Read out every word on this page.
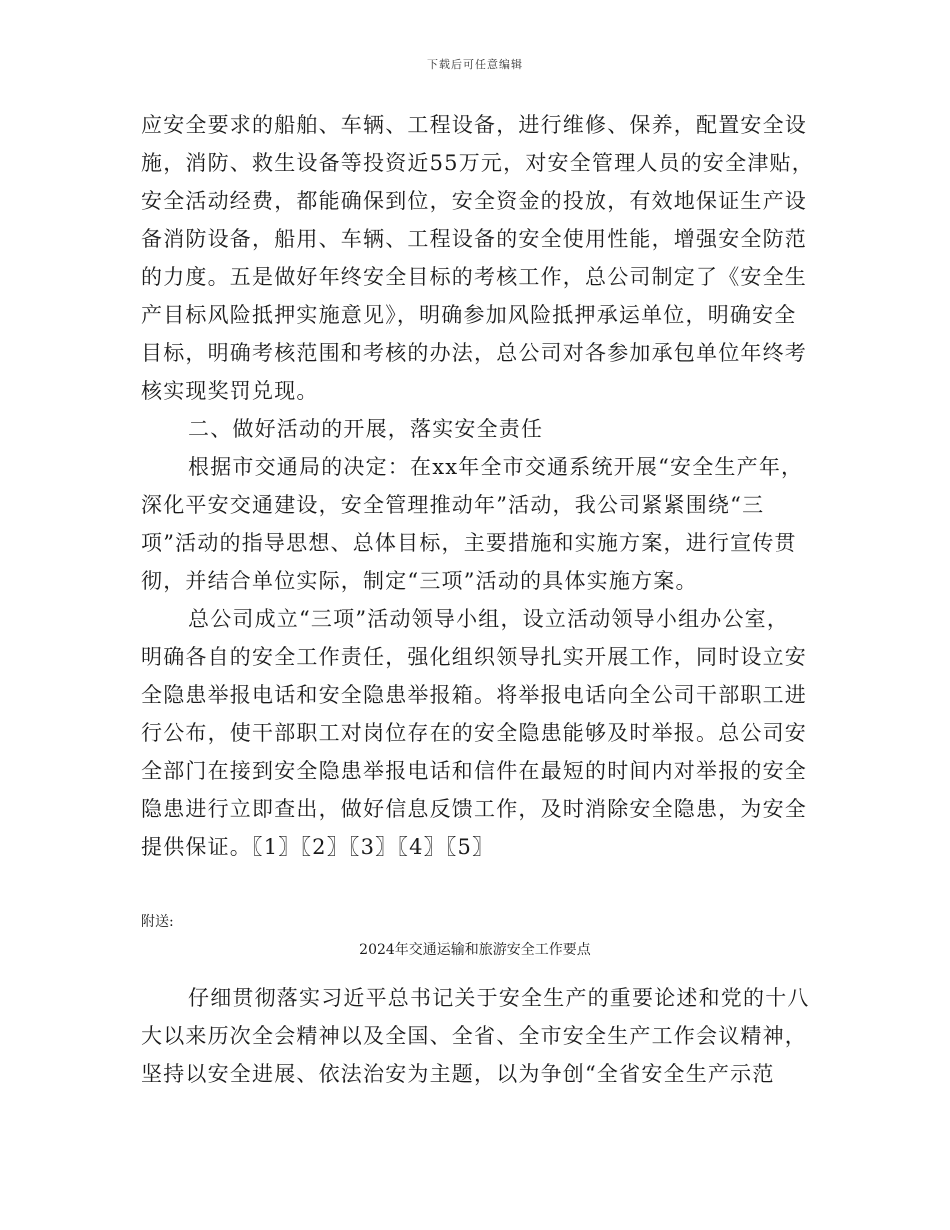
下载后可任意编辑
应安全要求的船舶、车辆、工程设备，进行维修、保养，配置安全设
施，消防、救生设备等投资近55万元，对安全管理人员的安全津贴，
安全活动经费，都能确保到位，安全资金的投放，有效地保证生产设
备消防设备，船用、车辆、工程设备的安全使用性能，增强安全防范
的力度。五是做好年终安全目标的考核工作，总公司制定了《安全生
产目标风险抵押实施意见》，明确参加风险抵押承运单位，明确安全
目标，明确考核范围和考核的办法，总公司对各参加承包单位年终考
核实现奖罚兑现。
二、做好活动的开展，落实安全责任
根据市交通局的决定：在xx年全市交通系统开展“安全生产年，
深化平安交通建设，安全管理推动年”活动，我公司紧紧围绕“三
项”活动的指导思想、总体目标，主要措施和实施方案，进行宣传贯
彻，并结合单位实际，制定“三项”活动的具体实施方案。
总公司成立“三项”活动领导小组，设立活动领导小组办公室，
明确各自的安全工作责任，强化组织领导扎实开展工作，同时设立安
全隐患举报电话和安全隐患举报箱。将举报电话向全公司干部职工进
行公布，使干部职工对岗位存在的安全隐患能够及时举报。总公司安
全部门在接到安全隐患举报电话和信件在最短的时间内对举报的安全
隐患进行立即查出，做好信息反馈工作，及时消除安全隐患，为安全
提供保证。〖1〗〖2〗〖3〗〖4〗〖5〗
附送:
2024年交通运输和旅游安全工作要点
仔细贯彻落实习近平总书记关于安全生产的重要论述和党的十八
大以来历次全会精神以及全国、全省、全市安全生产工作会议精神，
坚持以安全进展、依法治安为主题，以为争创“全省安全生产示范
